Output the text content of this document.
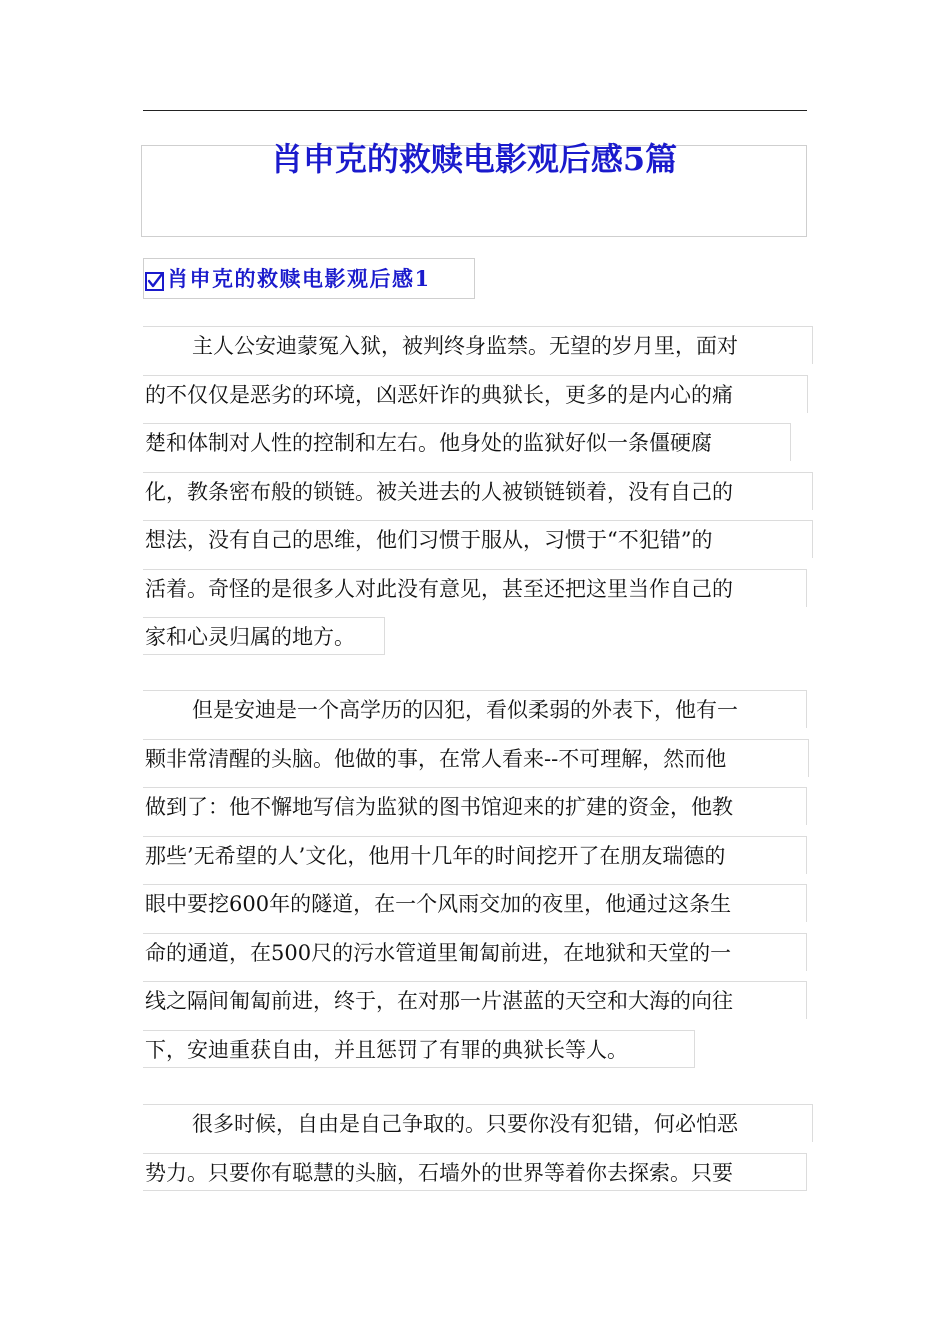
肖申克的救赎电影观后感5篇
肖申克的救赎电影观后感1
主人公安迪蒙冤入狱，被判终身监禁。无望的岁月里，面对
的不仅仅是恶劣的环境，凶恶奸诈的典狱长，更多的是内心的痛
楚和体制对人性的控制和左右。他身处的监狱好似一条僵硬腐
化，教条密布般的锁链。被关进去的人被锁链锁着，没有自己的
想法，没有自己的思维，他们习惯于服从，习惯于“不犯错”的
活着。奇怪的是很多人对此没有意见，甚至还把这里当作自己的
家和心灵归属的地方。
但是安迪是一个高学历的囚犯，看似柔弱的外表下，他有一
颗非常清醒的头脑。他做的事，在常人看来--不可理解，然而他
做到了：他不懈地写信为监狱的图书馆迎来的扩建的资金，他教
那些’无希望的人’文化，他用十几年的时间挖开了在朋友瑞德的
眼中要挖600年的隧道，在一个风雨交加的夜里，他通过这条生
命的通道，在500尺的污水管道里匍匐前进，在地狱和天堂的一
线之隔间匍匐前进，终于，在对那一片湛蓝的天空和大海的向往
下，安迪重获自由，并且惩罚了有罪的典狱长等人。
很多时候，自由是自己争取的。只要你没有犯错，何必怕恶
势力。只要你有聪慧的头脑，石墙外的世界等着你去探索。只要
